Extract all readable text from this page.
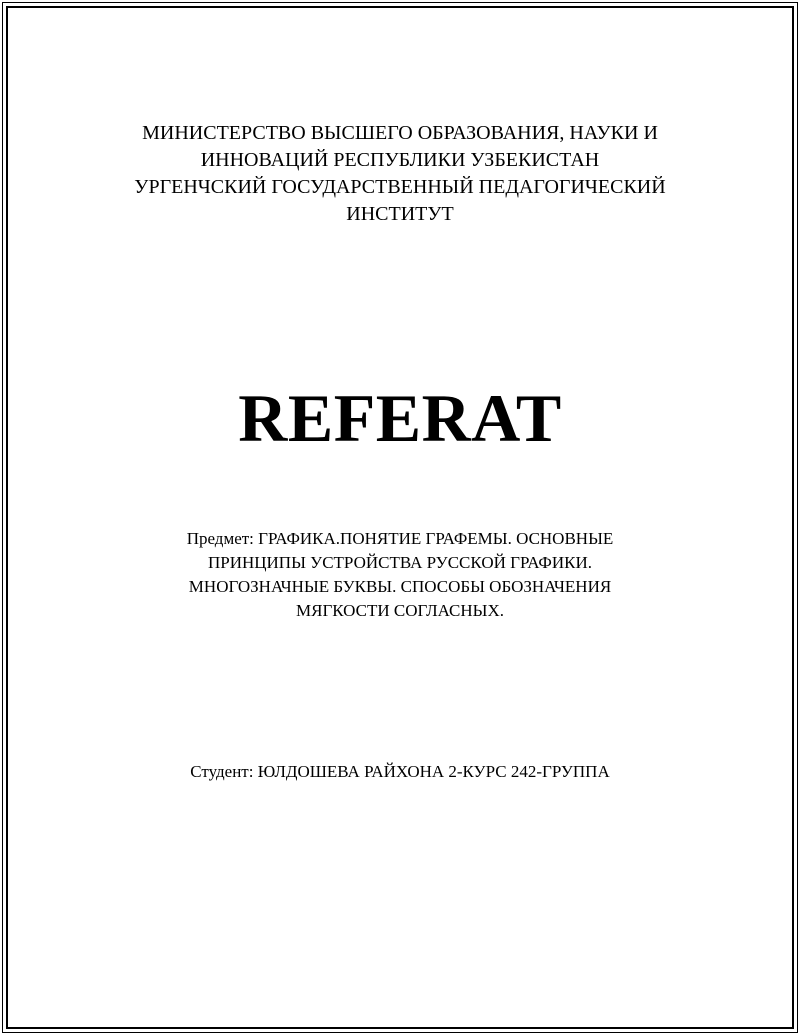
МИНИСТЕРСТВО ВЫСШЕГО ОБРАЗОВАНИЯ, НАУКИ И
ИННОВАЦИЙ РЕСПУБЛИКИ УЗБЕКИСТАН
УРГЕНЧСКИЙ ГОСУДАРСТВЕННЫЙ ПЕДАГОГИЧЕСКИЙ
ИНСТИТУТ
REFERAT
Предмет: ГРАФИКА.ПОНЯТИЕ ГРАФЕМЫ. ОСНОВНЫЕ
ПРИНЦИПЫ УСТРОЙСТВА РУССКОЙ ГРАФИКИ.
МНОГОЗНАЧНЫЕ БУКВЫ. СПОСОБЫ ОБОЗНАЧЕНИЯ
МЯГКОСТИ СОГЛАСНЫХ.
Студент: ЮЛДОШЕВА РАЙХОНА 2-КУРС 242-ГРУППА
